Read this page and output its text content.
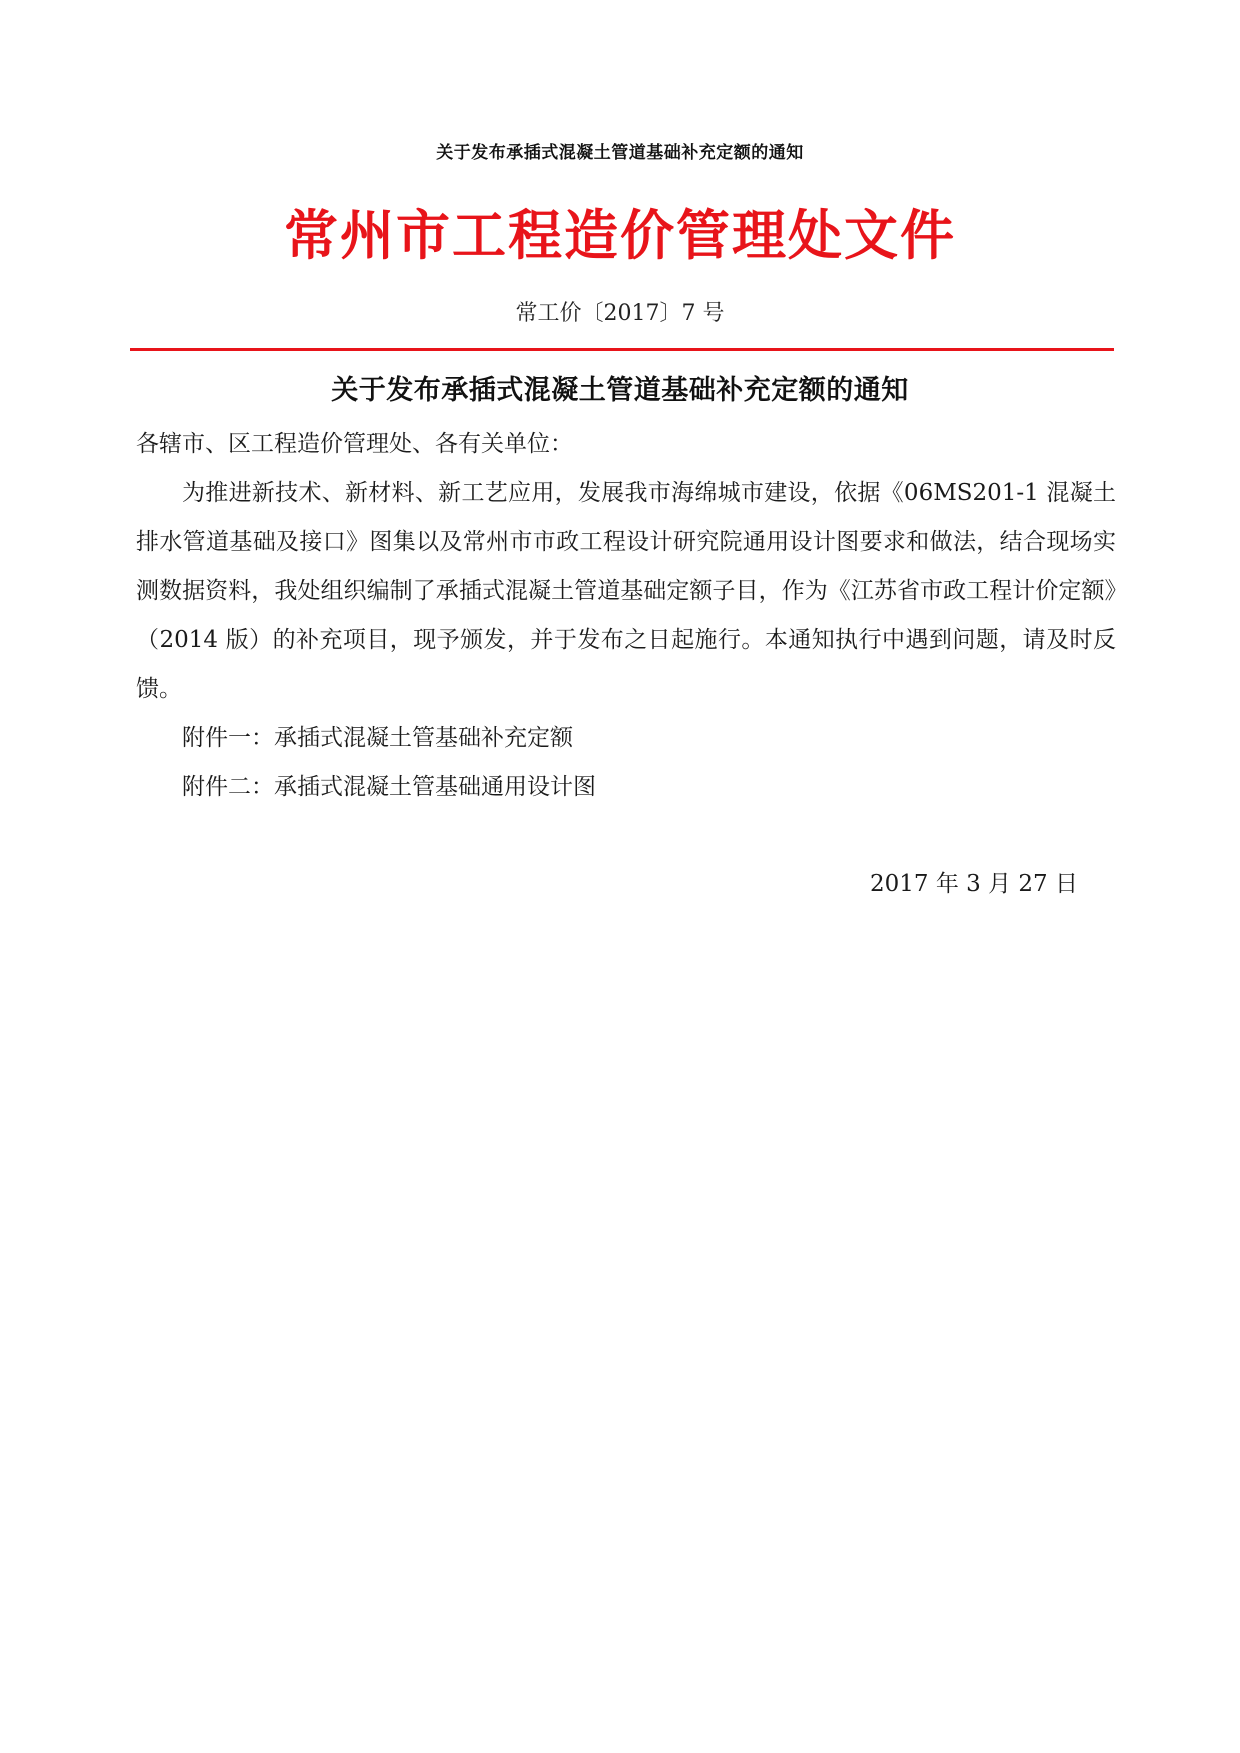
关于发布承插式混凝土管道基础补充定额的通知
常州市工程造价管理处文件
常工价〔2017〕7 号
关于发布承插式混凝土管道基础补充定额的通知

各辖市、区工程造价管理处、各有关单位：

为推进新技术、新材料、新工艺应用，发展我市海绵城市建设，依据《06MS201-1 混凝土排水管道基础及接口》图集以及常州市市政工程设计研究院通用设计图要求和做法，结合现场实测数据资料，我处组织编制了承插式混凝土管道基础定额子目，作为《江苏省市政工程计价定额》（2014 版）的补充项目，现予颁发，并于发布之日起施行。本通知执行中遇到问题，请及时反馈。

附件一：承插式混凝土管基础补充定额

附件二：承插式混凝土管基础通用设计图

2017 年 3 月 27 日
